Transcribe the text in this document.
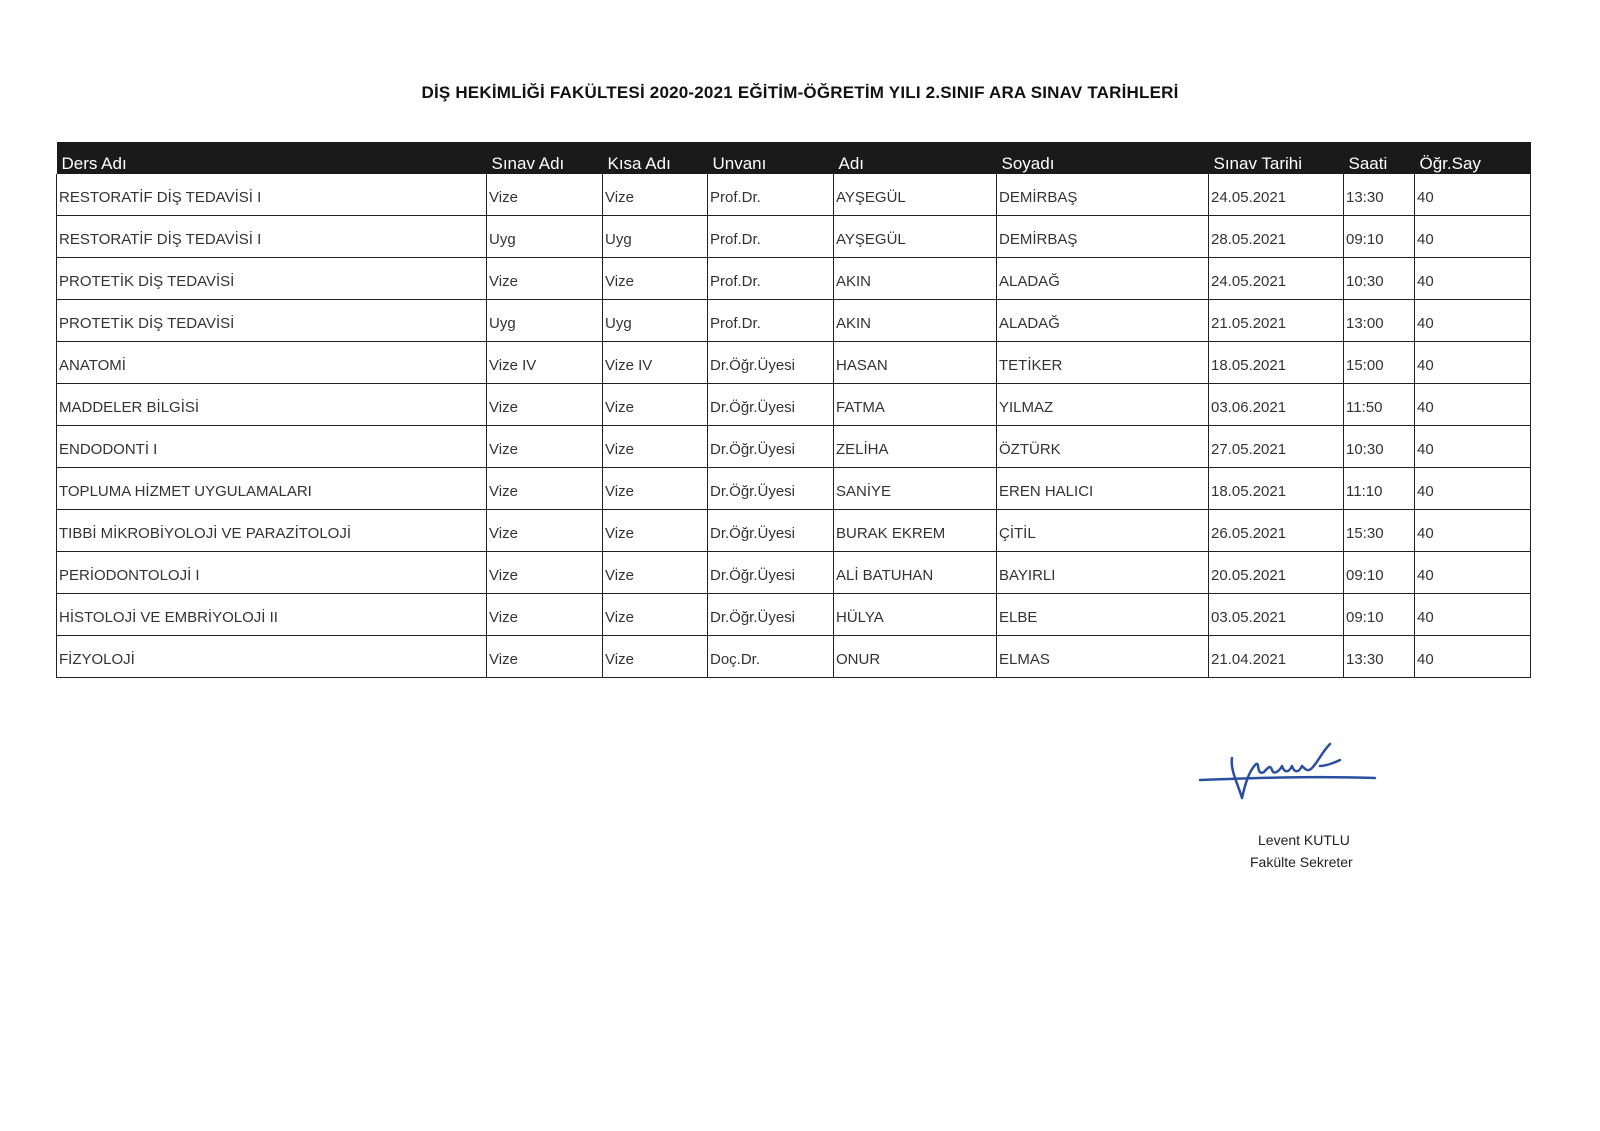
DİŞ HEKİMLİĞİ FAKÜLTESİ 2020-2021 EĞİTİM-ÖĞRETİM YILI 2.SINIF ARA SINAV TARİHLERİ
Ders Adı	Sınav Adı	Kısa Adı	Unvanı	Adı	Soyadı	Sınav Tarihi	Saati	Öğr.Say
RESTORATİF DİŞ TEDAVİSİ I	Vize	Vize	Prof.Dr.	AYŞEGÜL	DEMİRBAŞ	24.05.2021	13:30	40
RESTORATİF DİŞ TEDAVİSİ I	Uyg	Uyg	Prof.Dr.	AYŞEGÜL	DEMİRBAŞ	28.05.2021	09:10	40
PROTETİK DİŞ TEDAVİSİ	Vize	Vize	Prof.Dr.	AKIN	ALADAĞ	24.05.2021	10:30	40
PROTETİK DİŞ TEDAVİSİ	Uyg	Uyg	Prof.Dr.	AKIN	ALADAĞ	21.05.2021	13:00	40
ANATOMİ	Vize IV	Vize IV	Dr.Öğr.Üyesi	HASAN	TETİKER	18.05.2021	15:00	40
MADDELER BİLGİSİ	Vize	Vize	Dr.Öğr.Üyesi	FATMA	YILMAZ	03.06.2021	11:50	40
ENDODONTİ I	Vize	Vize	Dr.Öğr.Üyesi	ZELİHA	ÖZTÜRK	27.05.2021	10:30	40
TOPLUMA HİZMET UYGULAMALARI	Vize	Vize	Dr.Öğr.Üyesi	SANİYE	EREN HALICI	18.05.2021	11:10	40
TIBBİ MİKROBİYOLOJİ VE PARAZİTOLOJİ	Vize	Vize	Dr.Öğr.Üyesi	BURAK EKREM	ÇİTİL	26.05.2021	15:30	40
PERİODONTOLOJİ I	Vize	Vize	Dr.Öğr.Üyesi	ALİ BATUHAN	BAYIRLI	20.05.2021	09:10	40
HİSTOLOJİ VE EMBRİYOLOJİ II	Vize	Vize	Dr.Öğr.Üyesi	HÜLYA	ELBE	03.05.2021	09:10	40
FİZYOLOJİ	Vize	Vize	Doç.Dr.	ONUR	ELMAS	21.04.2021	13:30	40
Levent KUTLU
Fakülte Sekreter
